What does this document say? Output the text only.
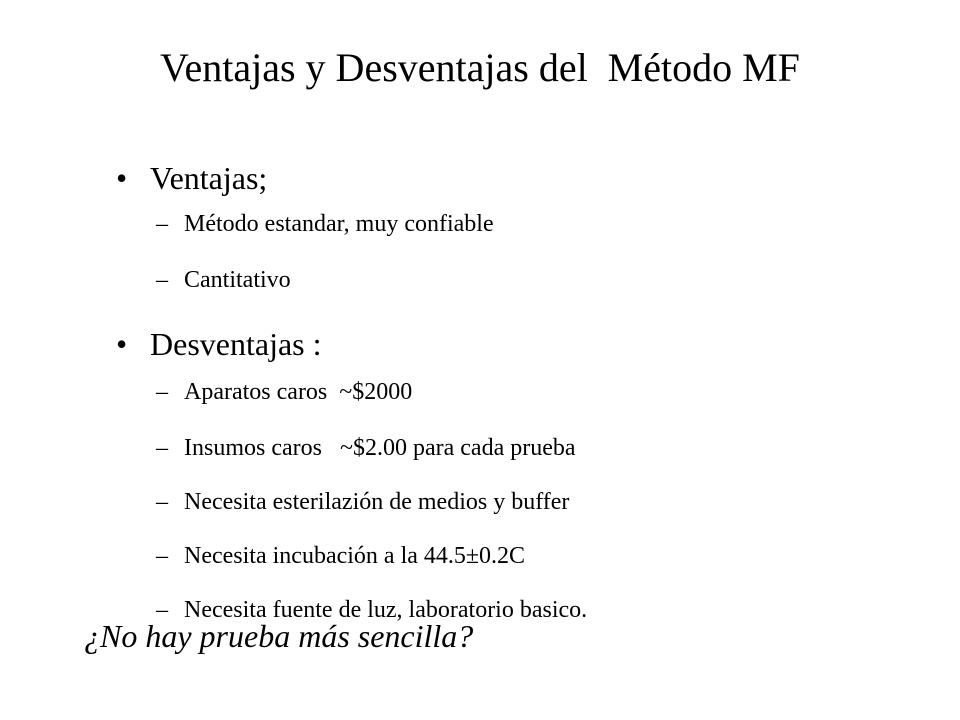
Ventajas y Desventajas del  Método MF

• Ventajas;

– Método estandar, muy confiable

– Cantitativo

• Desventajas :

– Aparatos caros  ~$2000

– Insumos caros   ~$2.00 para cada prueba

– Necesita esterilazión de medios y buffer

– Necesita incubación a la 44.5±0.2C

– Necesita fuente de luz, laboratorio basico.

¿No hay prueba más sencilla?
